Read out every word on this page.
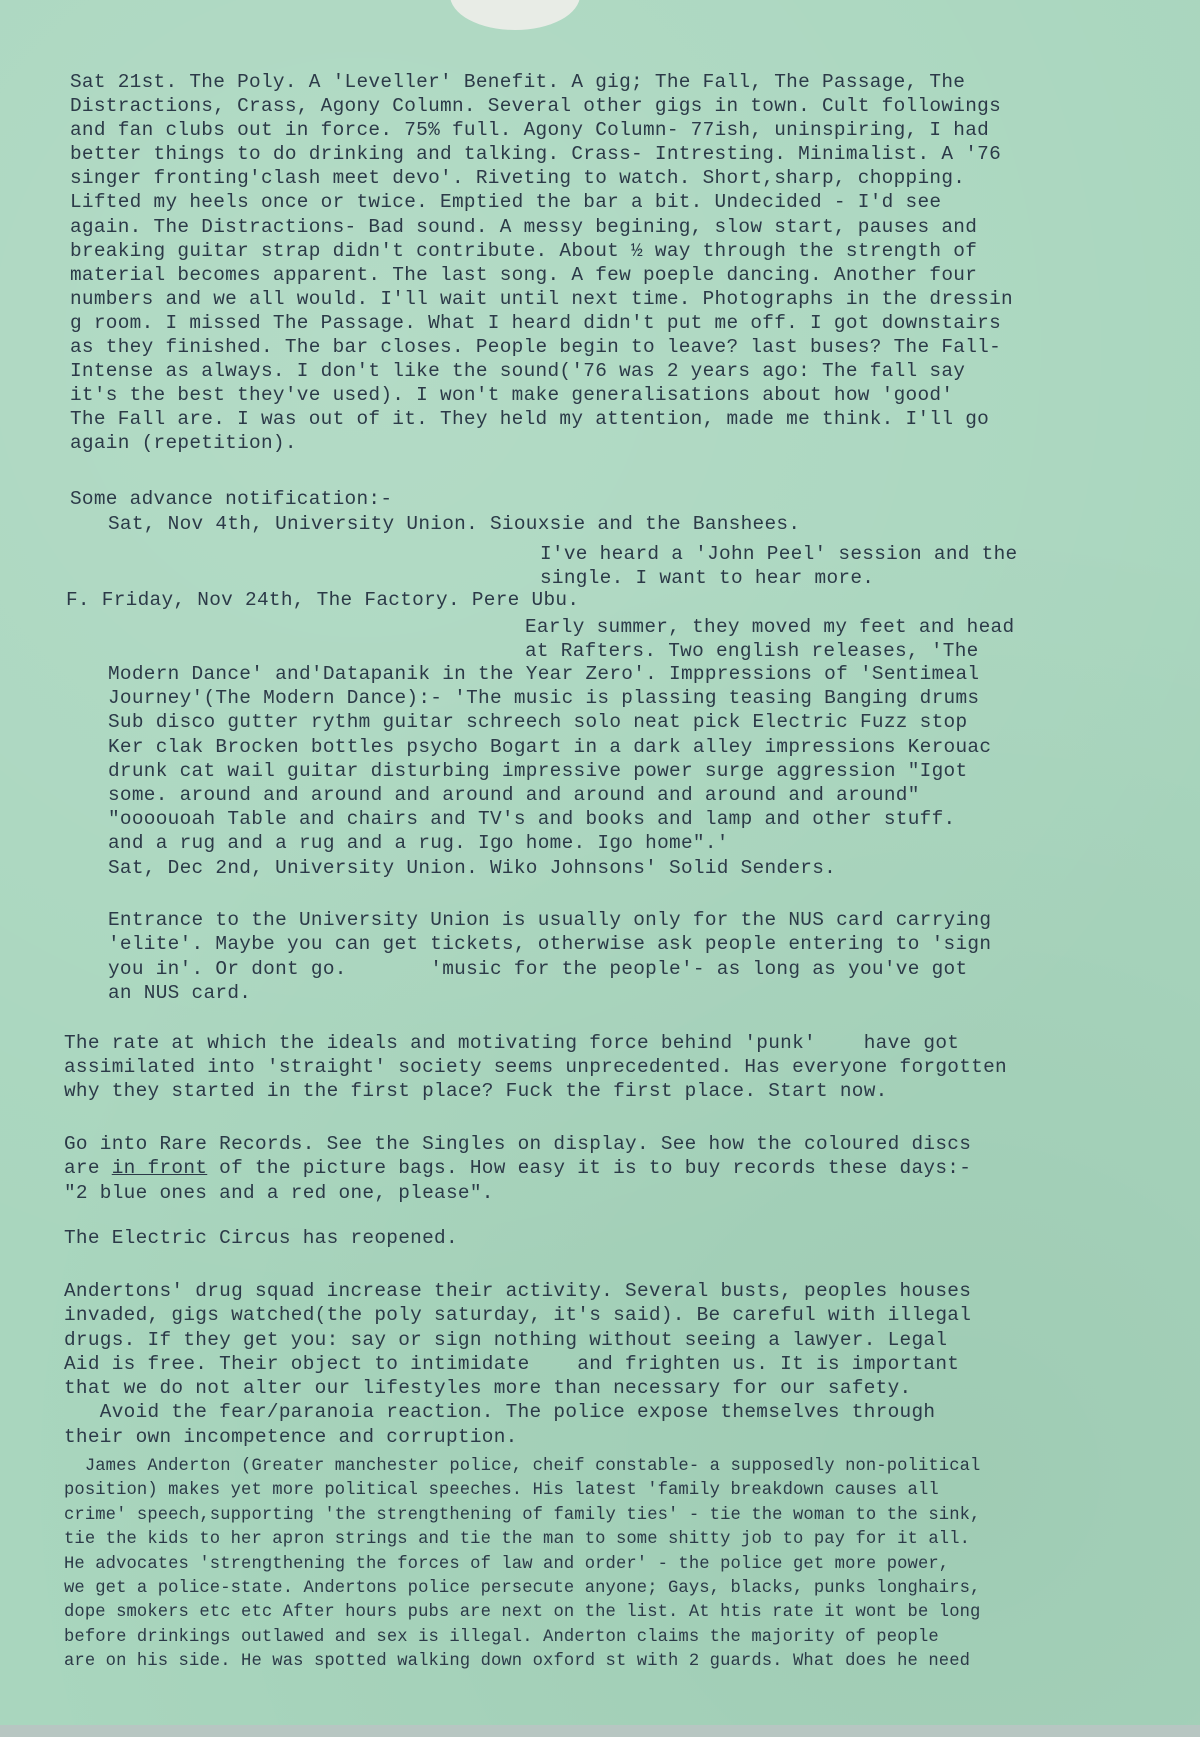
Sat 21st. The Poly. A 'Leveller' Benefit. A gig; The Fall, The Passage, The
Distractions, Crass, Agony Column. Several other gigs in town. Cult followings
and fan clubs out in force. 75% full. Agony Column- 77ish, uninspiring, I had
better things to do drinking and talking. Crass- Intresting. Minimalist. A '76
singer fronting'clash meet devo'. Riveting to watch. Short,sharp, chopping.
Lifted my heels once or twice. Emptied the bar a bit. Undecided - I'd see
again. The Distractions- Bad sound. A messy begining, slow start, pauses and
breaking guitar strap didn't contribute. About ½ way through the strength of
material becomes apparent. The last song. A few poeple dancing. Another four
numbers and we all would. I'll wait until next time. Photographs in the dressin
g room. I missed The Passage. What I heard didn't put me off. I got downstairs
as they finished. The bar closes. People begin to leave? last buses? The Fall-
Intense as always. I don't like the sound('76 was 2 years ago: The fall say
it's the best they've used). I won't make generalisations about how 'good'
The Fall are. I was out of it. They held my attention, made me think. I'll go
again (repetition).
Some advance notification:-
Sat, Nov 4th, University Union. Siouxsie and the Banshees.
I've heard a 'John Peel' session and the
single. I want to hear more.
F. Friday, Nov 24th, The Factory. Pere Ubu.
Early summer, they moved my feet and head
at Rafters. Two english releases, 'The
Modern Dance' and'Datapanik in the Year Zero'. Imppressions of 'Sentimeal
Journey'(The Modern Dance):- 'The music is plassing teasing Banging drums
Sub disco gutter rythm guitar schreech solo neat pick Electric Fuzz stop
Ker clak Brocken bottles psycho Bogart in a dark alley impressions Kerouac
drunk cat wail guitar disturbing impressive power surge aggression "Igot
some. around and around and around and around and around and around"
"oooouoah Table and chairs and TV's and books and lamp and other stuff.
and a rug and a rug and a rug. Igo home. Igo home".'
Sat, Dec 2nd, University Union. Wiko Johnsons' Solid Senders.
Entrance to the University Union is usually only for the NUS card carrying
'elite'. Maybe you can get tickets, otherwise ask people entering to 'sign
you in'. Or dont go.       'music for the people'- as long as you've got
an NUS card.
The rate at which the ideals and motivating force behind 'punk'    have got
assimilated into 'straight' society seems unprecedented. Has everyone forgotten
why they started in the first place? Fuck the first place. Start now.
Go into Rare Records. See the Singles on display. See how the coloured discs
are in front of the picture bags. How easy it is to buy records these days:-
"2 blue ones and a red one, please".
The Electric Circus has reopened.
Andertons' drug squad increase their activity. Several busts, peoples houses
invaded, gigs watched(the poly saturday, it's said). Be careful with illegal
drugs. If they get you: say or sign nothing without seeing a lawyer. Legal
Aid is free. Their object to intimidate    and frighten us. It is important
that we do not alter our lifestyles more than necessary for our safety.
Avoid the fear/paranoia reaction. The police expose themselves through
their own incompetence and corruption.
James Anderton (Greater manchester police, cheif constable- a supposedly non-political
position) makes yet more political speeches. His latest 'family breakdown causes all
crime' speech,supporting 'the strengthening of family ties' - tie the woman to the sink,
tie the kids to her apron strings and tie the man to some shitty job to pay for it all.
He advocates 'strengthening the forces of law and order' - the police get more power,
we get a police-state. Andertons police persecute anyone; Gays, blacks, punks longhairs,
dope smokers etc etc After hours pubs are next on the list. At htis rate it wont be long
before drinkings outlawed and sex is illegal. Anderton claims the majority of people
are on his side. He was spotted walking down oxford st with 2 guards. What does he need
